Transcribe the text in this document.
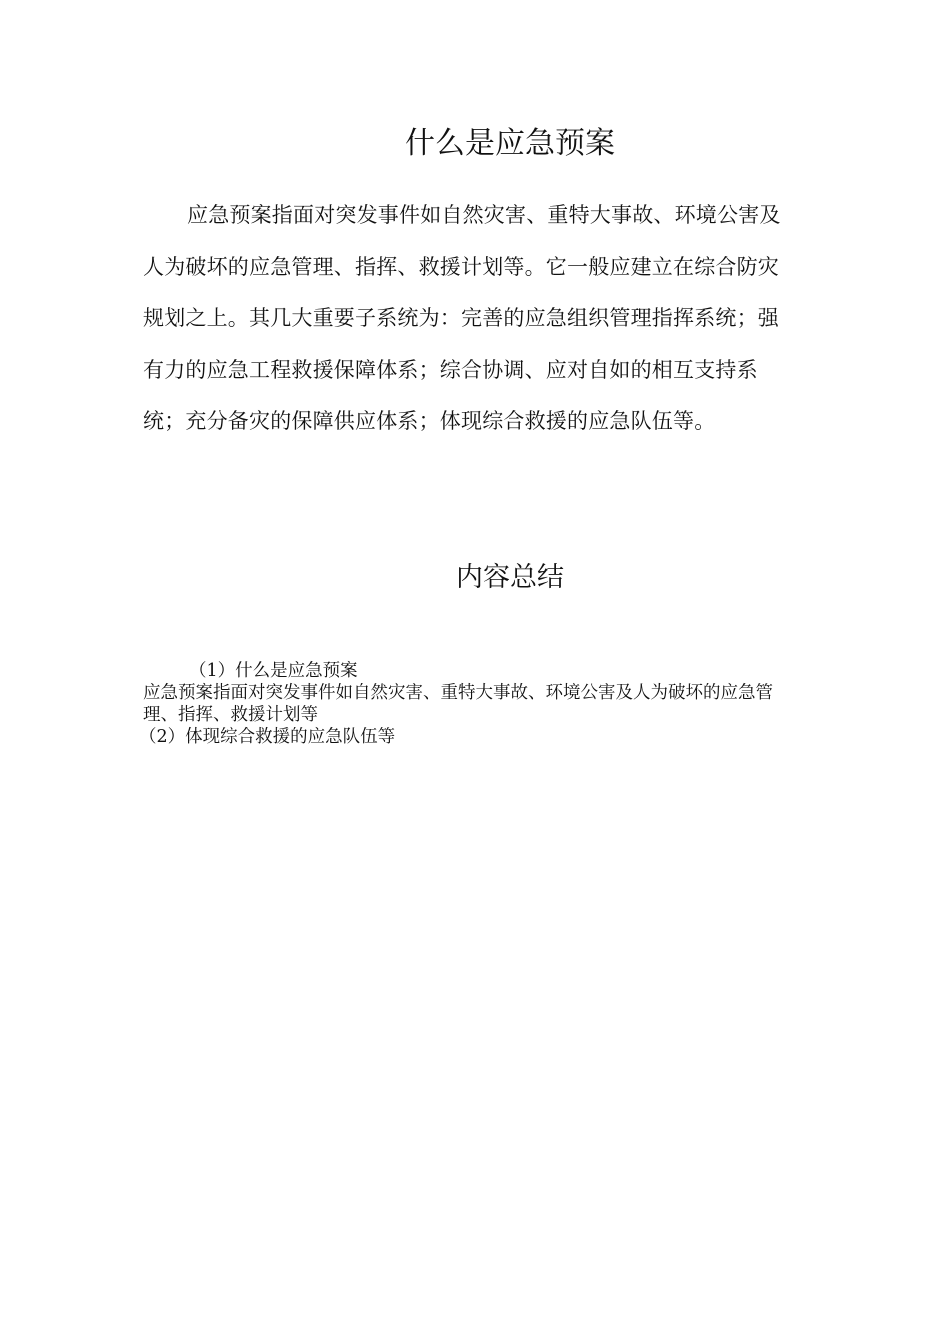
什么是应急预案

应急预案指面对突发事件如自然灾害、重特大事故、环境公害及人为破坏的应急管理、指挥、救援计划等。它一般应建立在综合防灾规划之上。其几大重要子系统为：完善的应急组织管理指挥系统；强有力的应急工程救援保障体系；综合协调、应对自如的相互支持系统；充分备灾的保障供应体系；体现综合救援的应急队伍等。

内容总结

（1）什么是应急预案

应急预案指面对突发事件如自然灾害、重特大事故、环境公害及人为破坏的应急管理、指挥、救援计划等

（2）体现综合救援的应急队伍等
